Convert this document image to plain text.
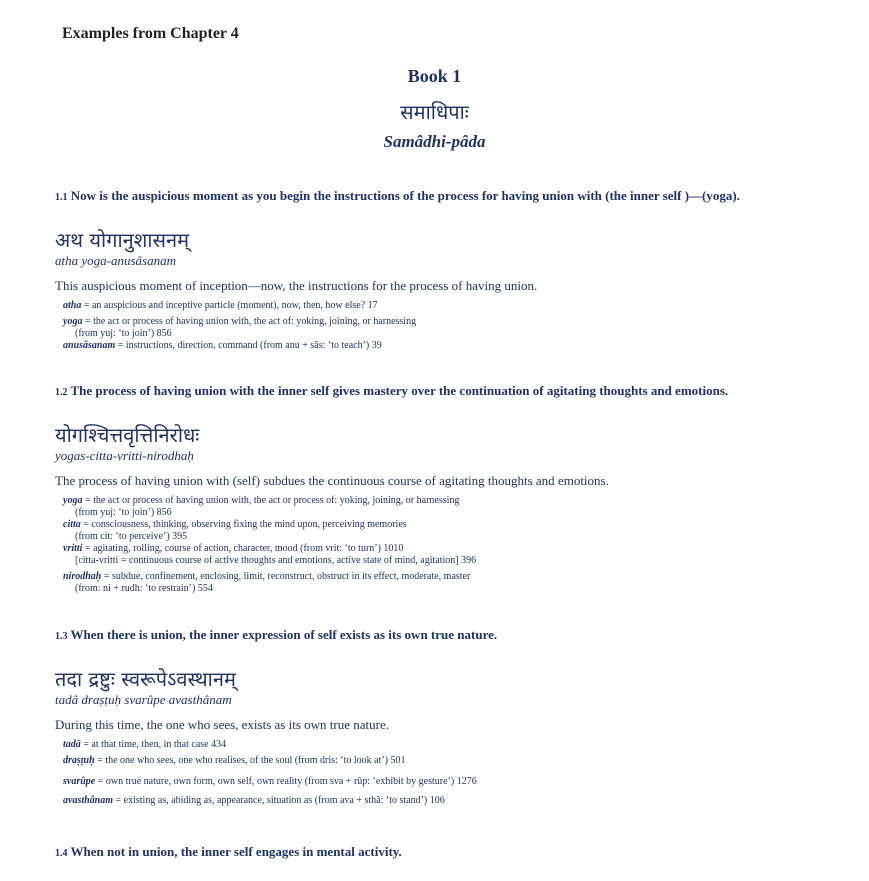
Examples from Chapter 4
Book 1
समाधिपाः
Samâdhi-pâda
1.1 Now is the auspicious moment as you begin the instructions of the process for having union with (the inner self )—(yoga).
अथ योगानुशासनम्
atha yoga-anusâsanam
This auspicious moment of inception—now, the instructions for the process of having union.
atha = an auspicious and inceptive particle (moment), now, then, how else? 17
yoga = the act or process of having union with, the act of: yoking, joining, or harnessing
(from yuj: ‘to join’) 856
anusâsanam = instructions, direction, command (from anu + sâs: ‘to teach’) 39
1.2 The process of having union with the inner self gives mastery over the continuation of agitating thoughts and emotions.
योगश्चित्तवृत्तिनिरोधः
yogas-citta-vritti-nirodhaḥ
The process of having union with (self) subdues the continuous course of agitating thoughts and emotions.
yoga = the act or process of having union with, the act or process of: yoking, joining, or harnessing
(from yuj: ‘to join’) 856
citta = consciousness, thinking, observing fixing the mind upon, perceiving memories
(from cit: ‘to perceive’) 395
vritti = agitating, rolling, course of action, character, mood (from vrit: ‘to turn’) 1010
[citta-vritti = continuous course of active thoughts and emotions, active state of mind, agitation] 396
nirodhaḥ = subdue, confinement, enclosing, limit, reconstruct, obstruct in its effect, moderate, master
(from: ni + rudh: ‘to restrain’) 554
1.3 When there is union, the inner expression of self exists as its own true nature.
तदा द्रष्टुः स्वरूपेऽवस्थानम्
tadâ draṣṭuḥ svarûpe avasthânam
During this time, the one who sees, exists as its own true nature.
tadā = at that time, then, in that case 434
draṣṭuḥ = the one who sees, one who realises, of the soul (from dris: ‘to look at’) 501
svarûpe = own true nature, own form, own self, own reality (from sva + rûp: ‘exhibit by gesture’) 1276
avasthânam = existing as, abiding as, appearance, situation as (from ava + sthâ: ‘to stand’) 106
1.4 When not in union, the inner self engages in mental activity.
